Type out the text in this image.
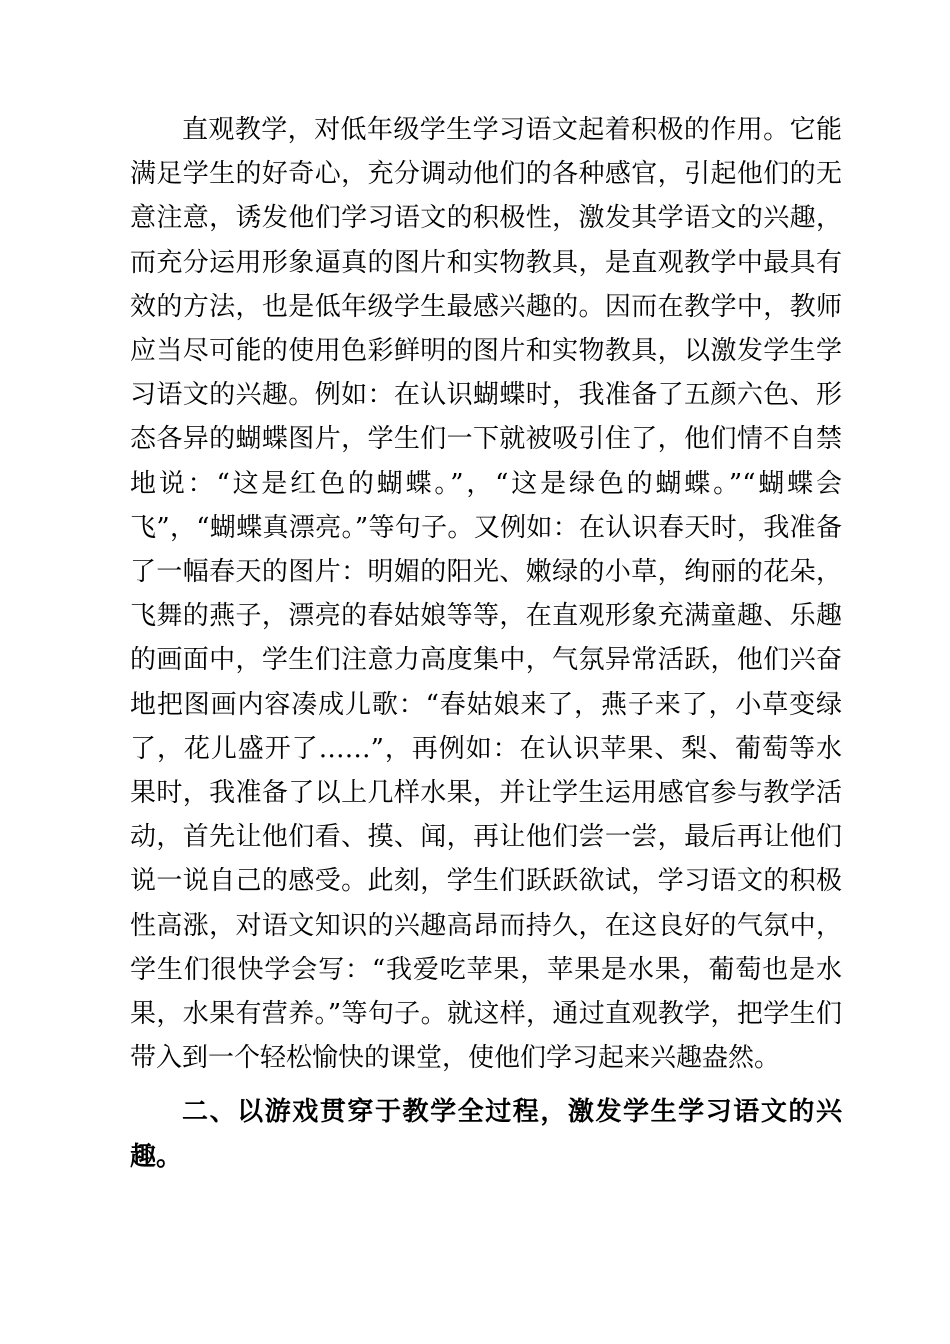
直观教学，对低年级学生学习语文起着积极的作用。它能满足学生的好奇心，充分调动他们的各种感官，引起他们的无意注意，诱发他们学习语文的积极性，激发其学语文的兴趣，而充分运用形象逼真的图片和实物教具，是直观教学中最具有效的方法，也是低年级学生最感兴趣的。因而在教学中，教师应当尽可能的使用色彩鲜明的图片和实物教具，以激发学生学习语文的兴趣。例如：在认识蝴蝶时，我准备了五颜六色、形态各异的蝴蝶图片，学生们一下就被吸引住了，他们情不自禁地说：“这是红色的蝴蝶。”，“这是绿色的蝴蝶。”“蝴蝶会飞”，“蝴蝶真漂亮。”等句子。又例如：在认识春天时，我准备了一幅春天的图片：明媚的阳光、嫩绿的小草，绚丽的花朵，飞舞的燕子，漂亮的春姑娘等等，在直观形象充满童趣、乐趣的画面中，学生们注意力高度集中，气氛异常活跃，他们兴奋地把图画内容凑成儿歌：“春姑娘来了，燕子来了，小草变绿了，花儿盛开了……”，再例如：在认识苹果、梨、葡萄等水果时，我准备了以上几样水果，并让学生运用感官参与教学活动，首先让他们看、摸、闻，再让他们尝一尝，最后再让他们说一说自己的感受。此刻，学生们跃跃欲试，学习语文的积极性高涨，对语文知识的兴趣高昂而持久，在这良好的气氛中，学生们很快学会写：“我爱吃苹果，苹果是水果，葡萄也是水果，水果有营养。”等句子。就这样，通过直观教学，把学生们带入到一个轻松愉快的课堂，使他们学习起来兴趣盎然。

二、以游戏贯穿于教学全过程，激发学生学习语文的兴趣。
